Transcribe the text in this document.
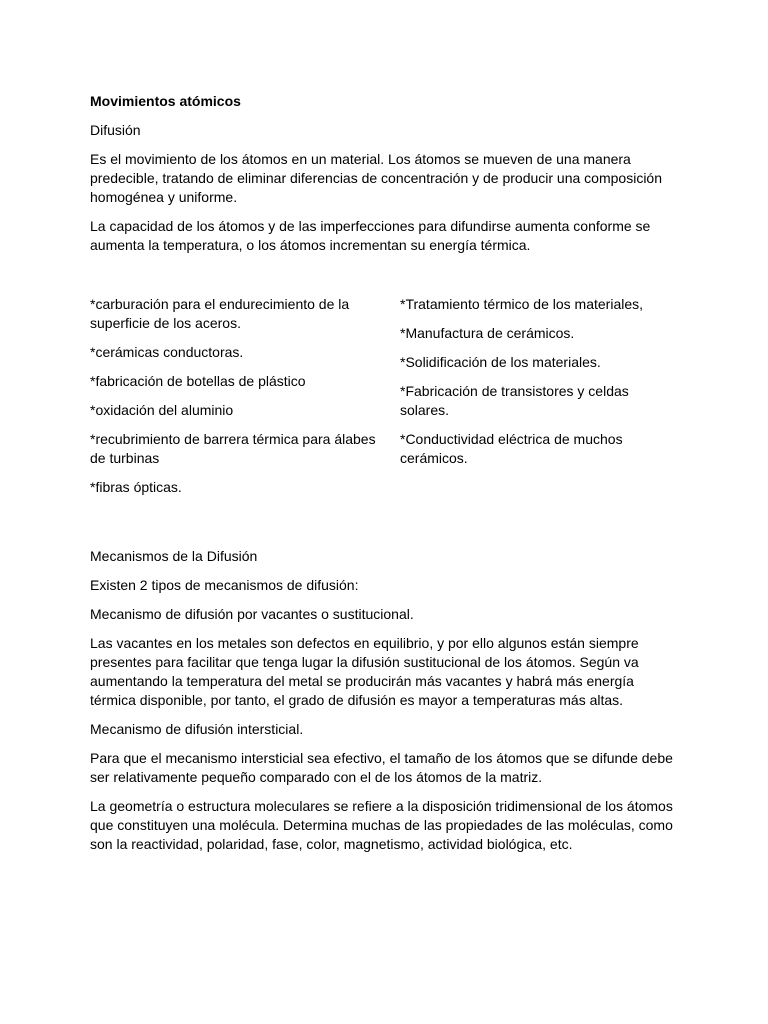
Movimientos atómicos
Difusión
Es el movimiento de los átomos en un material. Los átomos se mueven de una manera predecible, tratando de eliminar diferencias de concentración y de producir una composición homogénea y uniforme.
La capacidad de los átomos y de las imperfecciones para difundirse aumenta conforme se aumenta la temperatura, o los átomos incrementan su energía térmica.
*carburación para el endurecimiento de la superficie de los aceros.
*cerámicas conductoras.
*fabricación de botellas de plástico
*oxidación del aluminio
*recubrimiento de barrera térmica para álabes de turbinas
*fibras ópticas.
*Tratamiento térmico de los materiales,
*Manufactura de cerámicos.
*Solidificación de los materiales.
*Fabricación de transistores y celdas solares.
*Conductividad eléctrica de muchos cerámicos.
Mecanismos de la Difusión
Existen 2 tipos de mecanismos de difusión:
Mecanismo de difusión por vacantes o sustitucional.
Las vacantes en los metales son defectos en equilibrio, y por ello algunos están siempre presentes para facilitar que tenga lugar la difusión sustitucional de los átomos. Según va aumentando la temperatura del metal se producirán más vacantes y habrá más energía térmica disponible, por tanto, el grado de difusión es mayor a temperaturas más altas.
Mecanismo de difusión intersticial.
Para que el mecanismo intersticial sea efectivo, el tamaño de los átomos que se difunde debe ser relativamente pequeño comparado con el de los átomos de la matriz.
La geometría o estructura moleculares se refiere a la disposición tridimensional de los átomos que constituyen una molécula. Determina muchas de las propiedades de las moléculas, como son la reactividad, polaridad, fase, color, magnetismo, actividad biológica, etc.
